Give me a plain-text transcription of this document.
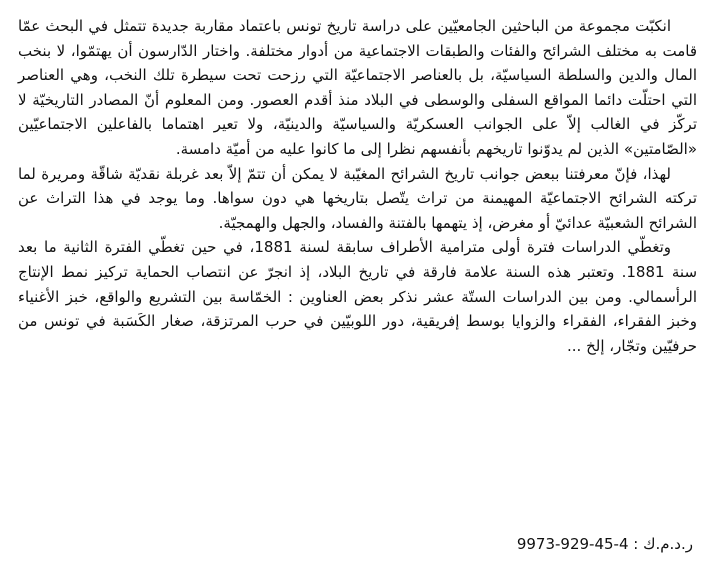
انكبّت مجموعة من الباحثين الجامعيّين على دراسة تاريخ تونس باعتماد مقاربة جديدة تتمثل في البحث عمّا قامت به مختلف الشرائح والفئات والطبقات الاجتماعية من أدوار مختلفة. واختار الدّارسون أن يهتمّوا، لا بنخب المال والدين والسلطة السياسيّة، بل بالعناصر الاجتماعيّة التي رزحت تحت سيطرة تلك النخب، وهي العناصر التي احتلّت دائما المواقع السفلى والوسطى في البلاد منذ أقدم العصور. ومن المعلوم أنّ المصادر التاريخيّة لا تركّز في الغالب إلاّ على الجوانب العسكريّة والسياسيّة والدينيّة، ولا تعير اهتماما بالفاعلين الاجتماعيّين «الصّامتين» الذين لم يدوّنوا تاريخهم بأنفسهم نظرا إلى ما كانوا عليه من أميّة دامسة.

لهذا، فإنّ معرفتنا ببعض جوانب تاريخ الشرائح المغيّبة لا يمكن أن تتمّ إلاّ بعد غربلة نقديّة شاقّة ومريرة لما تركته الشرائح الاجتماعيّة المهيمنة من تراث يتّصل بتاريخها هي دون سواها. وما يوجد في هذا التراث عن الشرائح الشعبيّة عدائيّ أو مغرض، إذ يتهمها بالفتنة والفساد، والجهل والهمجيّة.

وتغطّي الدراسات فترة أولى مترامية الأطراف سابقة لسنة 1881، في حين تغطّي الفترة الثانية ما بعد سنة 1881. وتعتبر هذه السنة علامة فارقة في تاريخ البلاد، إذ انجرّ عن انتصاب الحماية تركيز نمط الإنتاج الرأسمالي. ومن بين الدراسات الستّة عشر نذكر بعض العناوين : الخمّاسة بين التشريع والواقع، خبز الأغنياء وخبز الفقراء، الفقراء والزوايا بوسط إفريقية، دور اللوبيّين في حرب المرتزقة، صغار الكَسَبة في تونس من حرفيّين وتجّار، إلخ ...

ر.د.م.ك : 9973-929-45-4
